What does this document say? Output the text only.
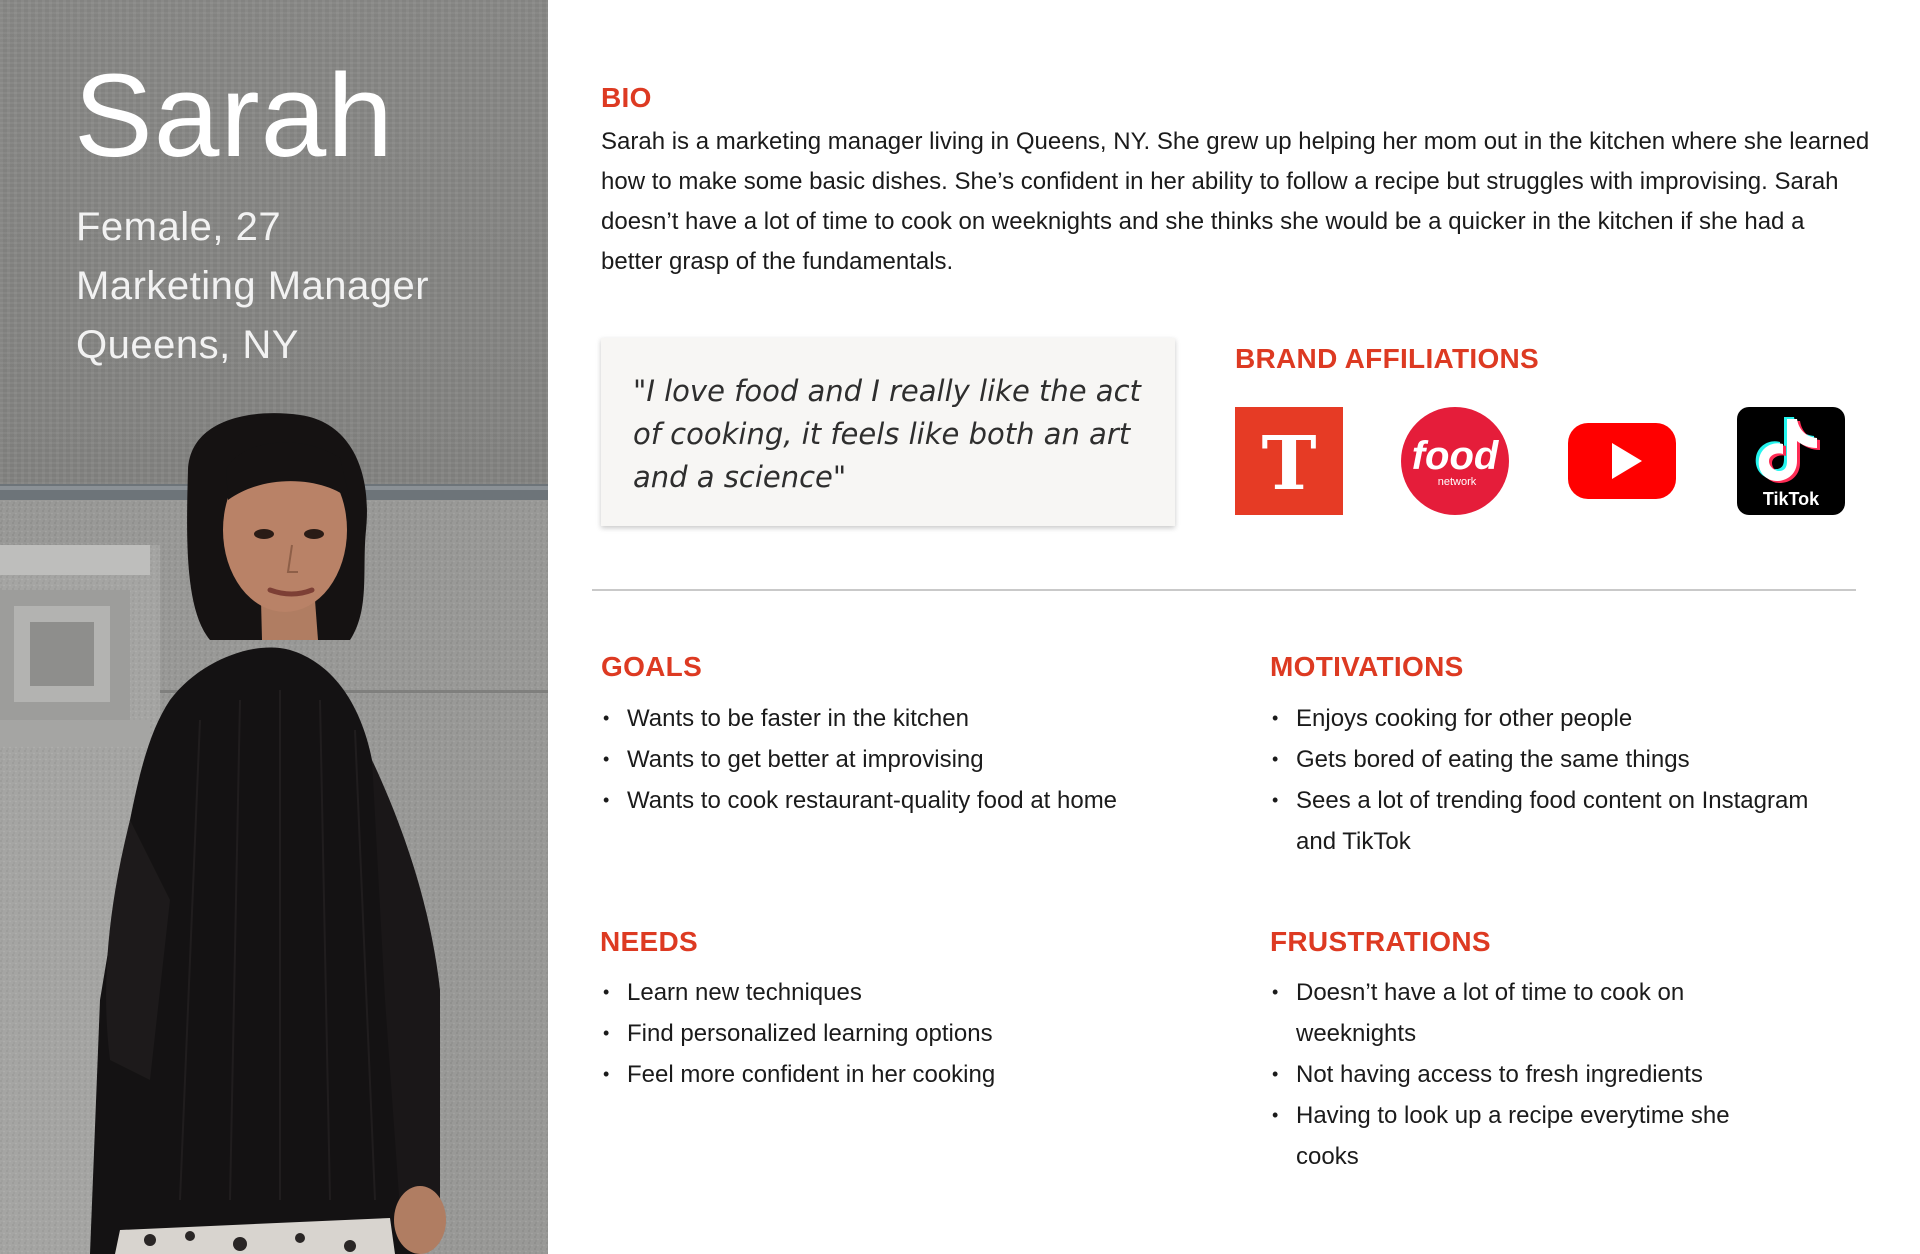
Sarah
Female, 27
Marketing Manager
Queens, NY
BIO

Sarah is a marketing manager living in Queens, NY. She grew up helping her mom out in the kitchen where she learned how to make some basic dishes. She’s confident in her ability to follow a recipe but struggles with improvising. Sarah doesn’t have a lot of time to cook on weeknights and she thinks she would be a quicker in the kitchen if she had a better grasp of the fundamentals.

"I love food and I really like the act of cooking, it feels like both an art and a science"

BRAND AFFILIATIONS
T food
network
TikTok
GOALS
• Wants to be faster in the kitchen
• Wants to get better at improvising
• Wants to cook restaurant-quality food at home
MOTIVATIONS
• Enjoys cooking for other people
• Gets bored of eating the same things
• Sees a lot of trending food content on Instagram and TikTok
NEEDS
• Learn new techniques
• Find personalized learning options
• Feel more confident in her cooking
FRUSTRATIONS
• Doesn’t have a lot of time to cook on weeknights
• Not having access to fresh ingredients
• Having to look up a recipe everytime she cooks
